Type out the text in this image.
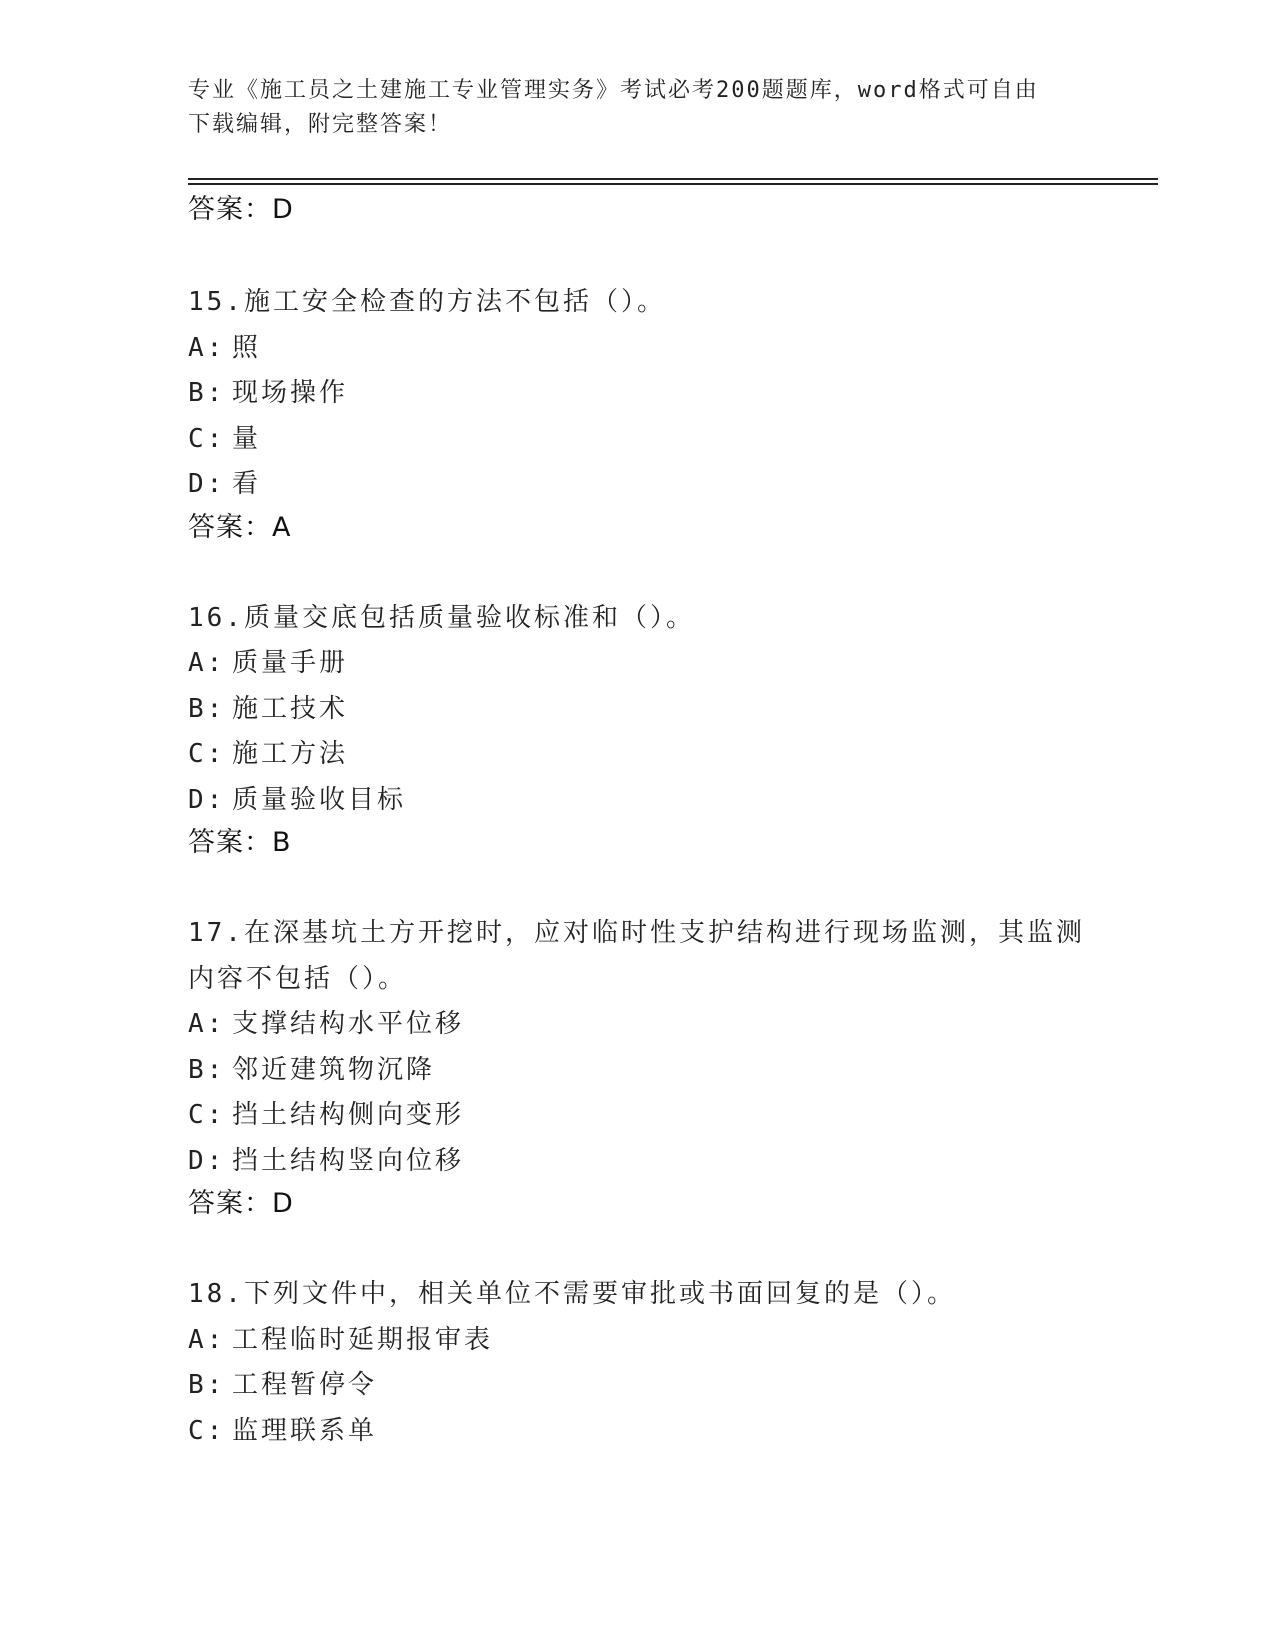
专业《施工员之土建施工专业管理实务》考试必考200题题库，word格式可自由
下载编辑，附完整答案！

答案：D

15.施工安全检查的方法不包括（）。

A: 照

B: 现场操作

C: 量

D: 看

答案：A

16.质量交底包括质量验收标准和（）。

A: 质量手册

B: 施工技术

C: 施工方法

D: 质量验收目标

答案：B

17.在深基坑土方开挖时，应对临时性支护结构进行现场监测，其监测内容不包括（）。

A: 支撑结构水平位移

B: 邻近建筑物沉降

C: 挡土结构侧向变形

D: 挡土结构竖向位移

答案：D

18.下列文件中，相关单位不需要审批或书面回复的是（）。

A: 工程临时延期报审表

B: 工程暂停令

C: 监理联系单
